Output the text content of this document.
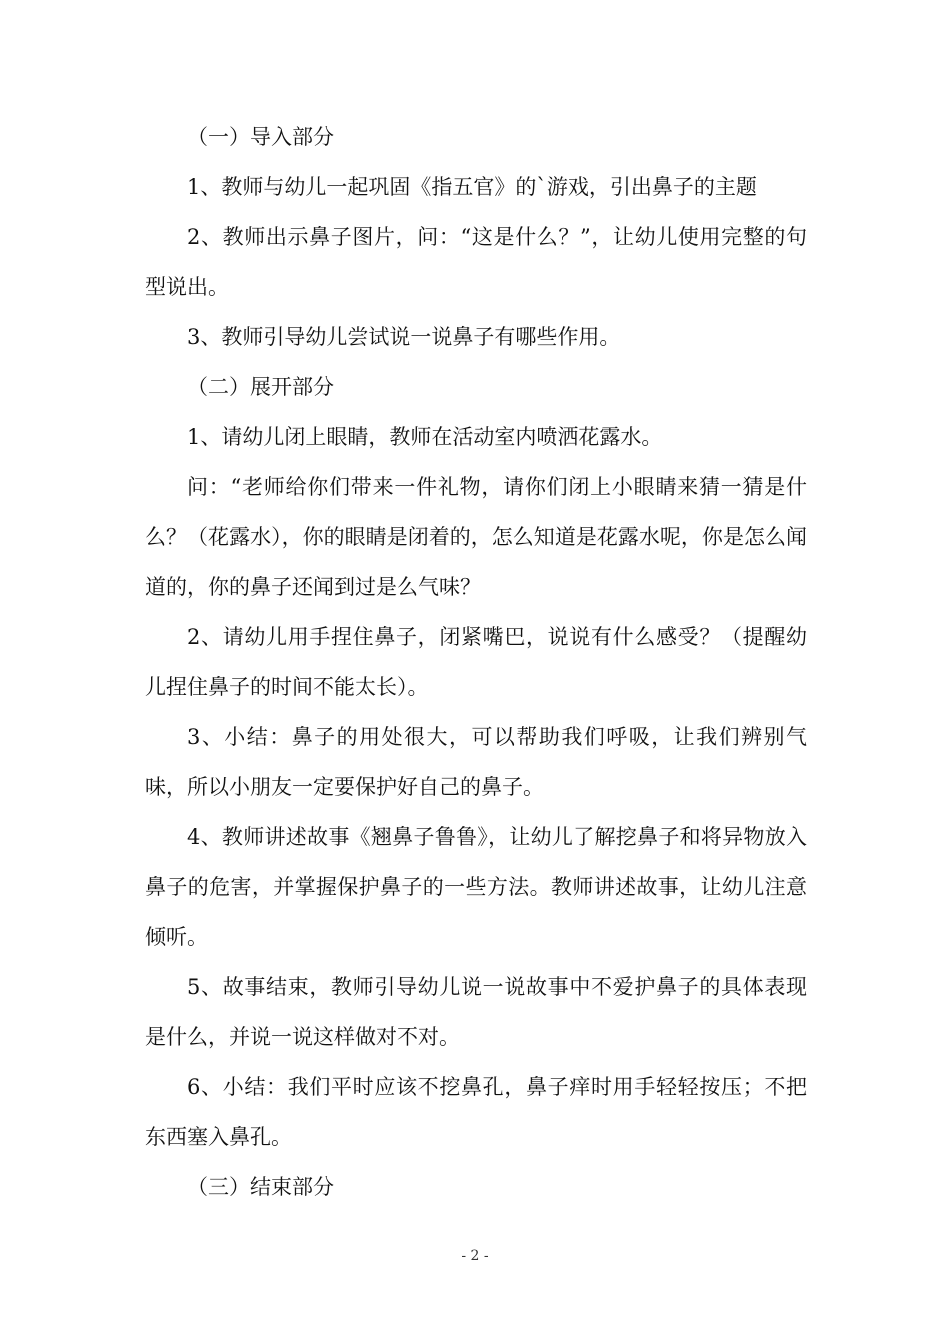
（一）导入部分

1、教师与幼儿一起巩固《指五官》的`游戏，引出鼻子的主题

2、教师出示鼻子图片，问：“这是什么？”，让幼儿使用完整的句型说出。

3、教师引导幼儿尝试说一说鼻子有哪些作用。

（二）展开部分

1、请幼儿闭上眼睛，教师在活动室内喷洒花露水。

问：“老师给你们带来一件礼物，请你们闭上小眼睛来猜一猜是什么？（花露水），你的眼睛是闭着的，怎么知道是花露水呢，你是怎么闻道的，你的鼻子还闻到过是么气味？

2、请幼儿用手捏住鼻子，闭紧嘴巴，说说有什么感受？（提醒幼儿捏住鼻子的时间不能太长）。

3、小结：鼻子的用处很大，可以帮助我们呼吸，让我们辨别气味，所以小朋友一定要保护好自己的鼻子。

4、教师讲述故事《翘鼻子鲁鲁》，让幼儿了解挖鼻子和将异物放入鼻子的危害，并掌握保护鼻子的一些方法。教师讲述故事，让幼儿注意倾听。

5、故事结束，教师引导幼儿说一说故事中不爱护鼻子的具体表现是什么，并说一说这样做对不对。

6、小结：我们平时应该不挖鼻孔，鼻子痒时用手轻轻按压；不把东西塞入鼻孔。

（三）结束部分

- 2 -
